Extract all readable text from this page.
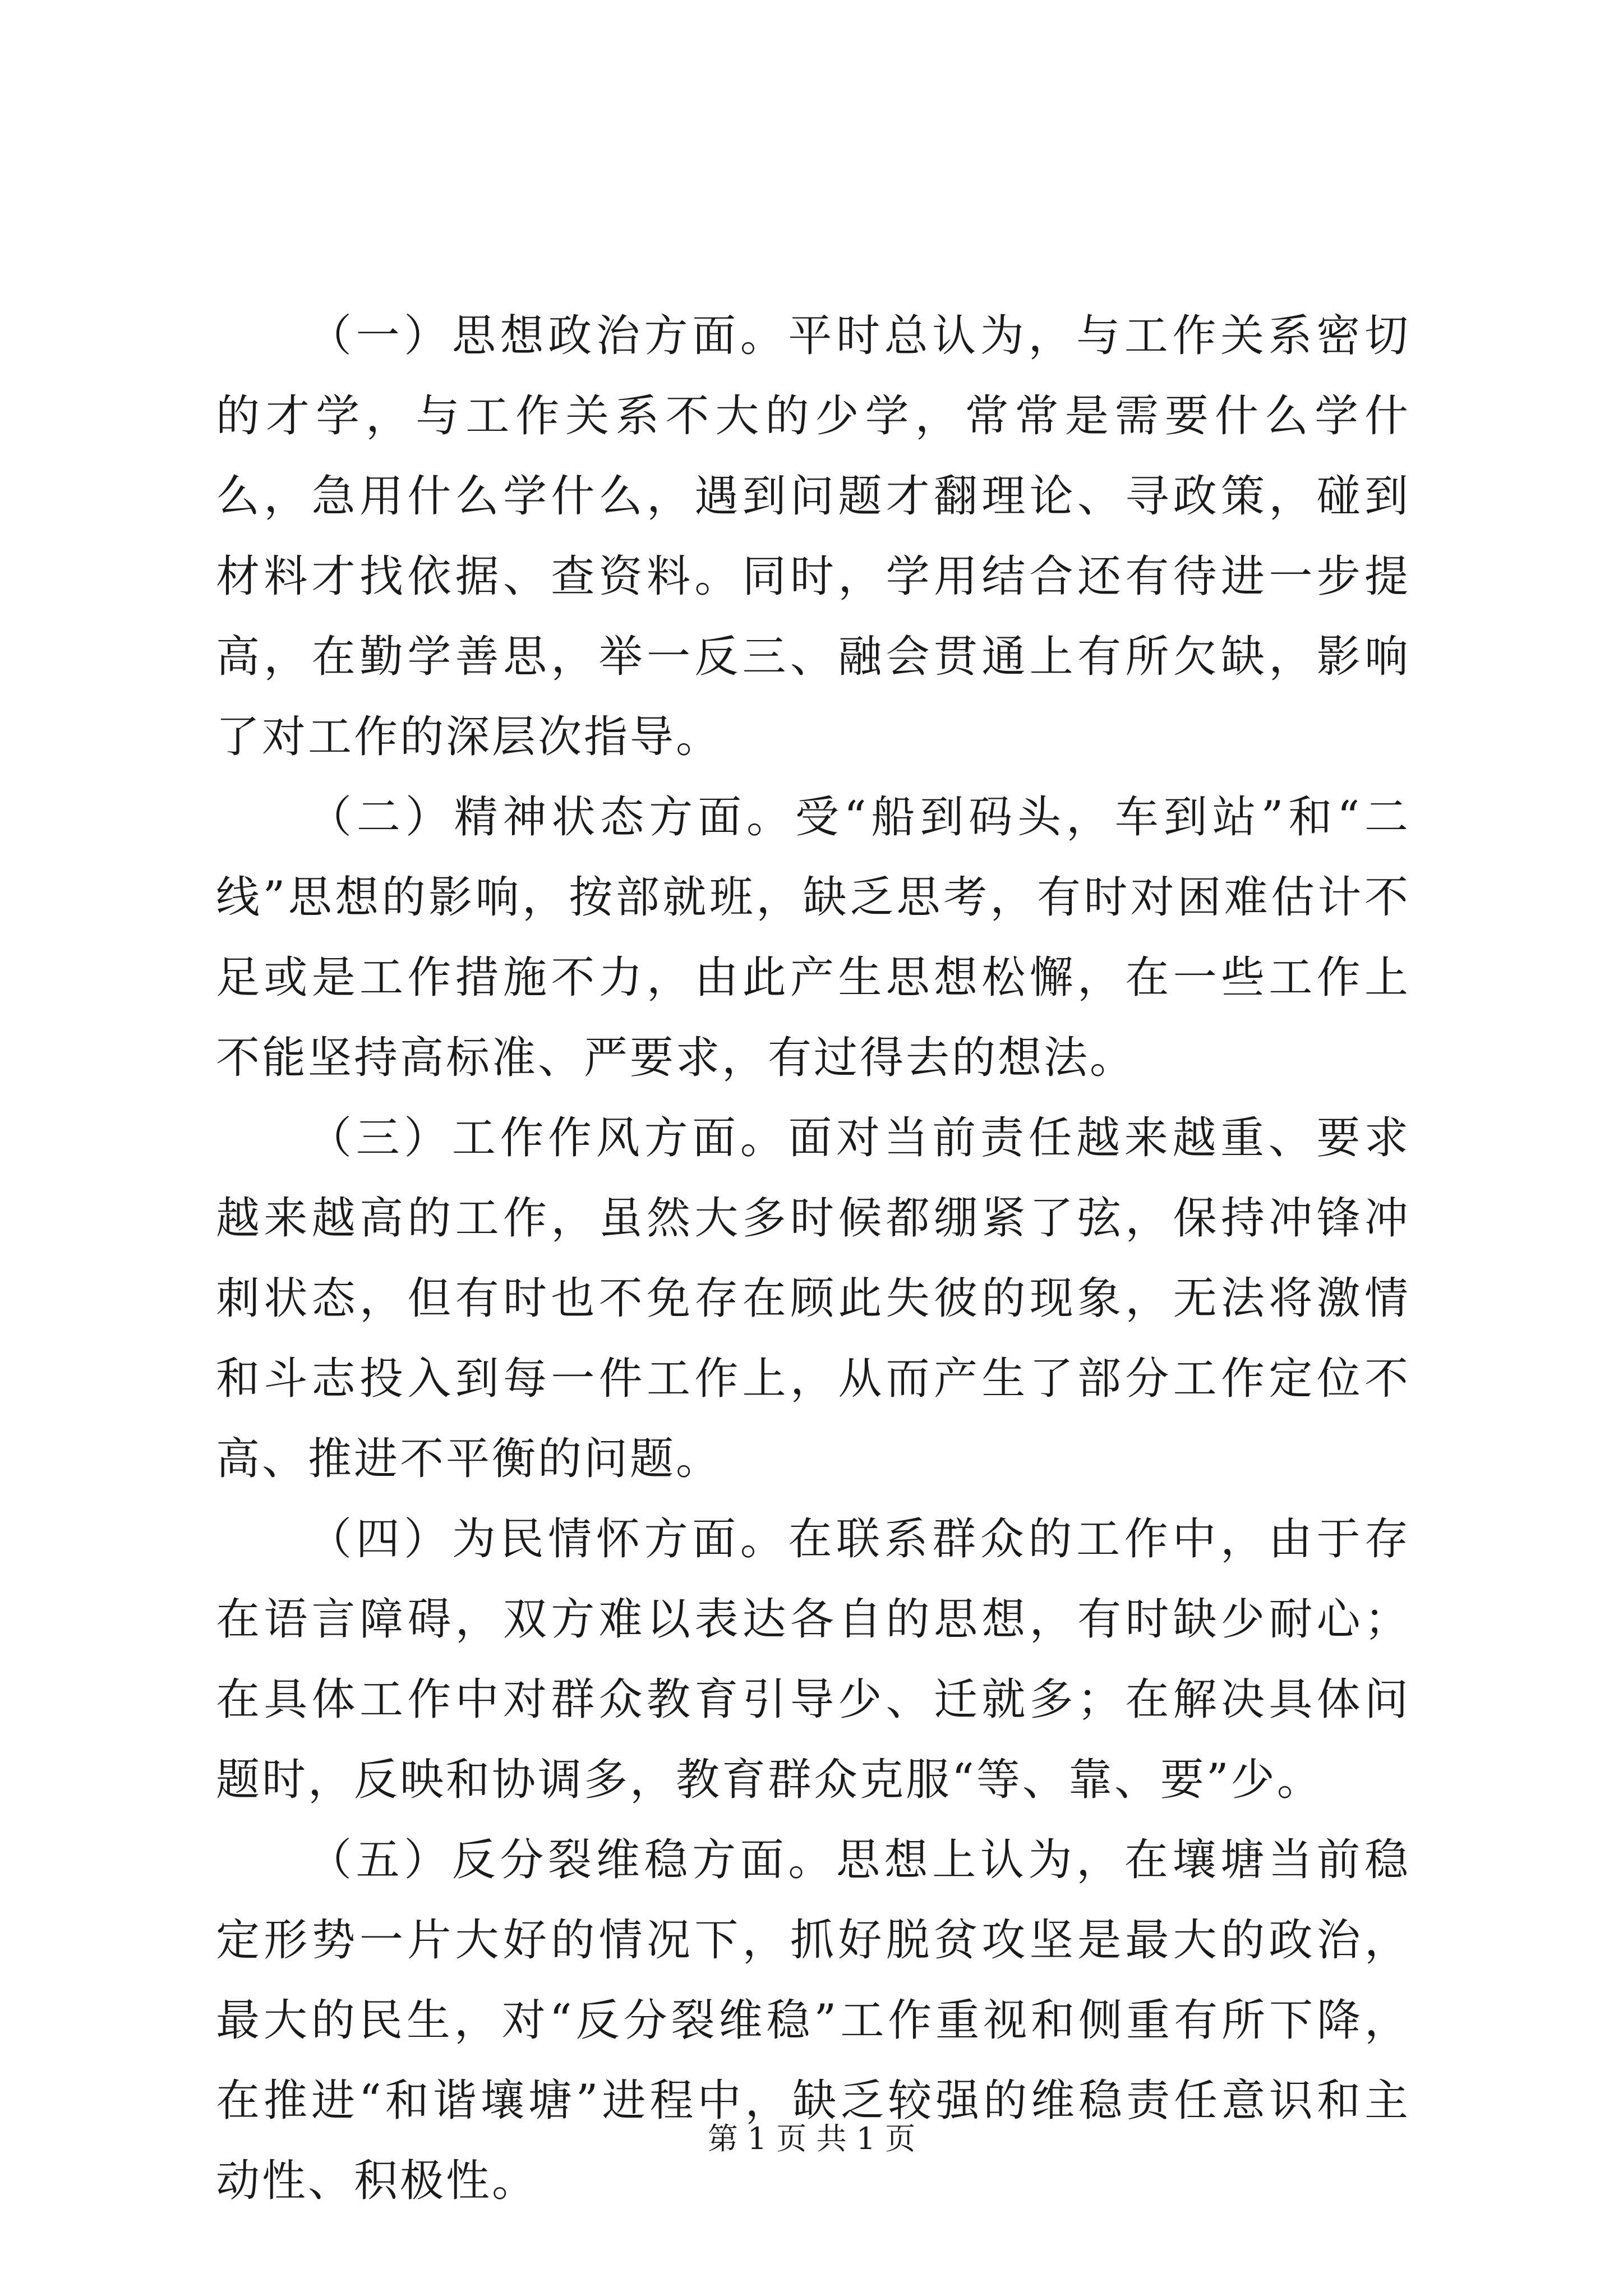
（一）思想政治方面。平时总认为，与工作关系密切的才学，与工作关系不大的少学，常常是需要什么学什么，急用什么学什么，遇到问题才翻理论、寻政策，碰到材料才找依据、查资料。同时，学用结合还有待进一步提高，在勤学善思，举一反三、融会贯通上有所欠缺，影响了对工作的深层次指导。

（二）精神状态方面。受“船到码头，车到站”和“二线”思想的影响，按部就班，缺乏思考，有时对困难估计不足或是工作措施不力，由此产生思想松懈，在一些工作上不能坚持高标准、严要求，有过得去的想法。

（三）工作作风方面。面对当前责任越来越重、要求越来越高的工作，虽然大多时候都绷紧了弦，保持冲锋冲刺状态，但有时也不免存在顾此失彼的现象，无法将激情和斗志投入到每一件工作上，从而产生了部分工作定位不高、推进不平衡的问题。

（四）为民情怀方面。在联系群众的工作中，由于存在语言障碍，双方难以表达各自的思想，有时缺少耐心；在具体工作中对群众教育引导少、迁就多；在解决具体问题时，反映和协调多，教育群众克服“等、靠、要”少。

（五）反分裂维稳方面。思想上认为，在壤塘当前稳定形势一片大好的情况下，抓好脱贫攻坚是最大的政治，最大的民生，对“反分裂维稳”工作重视和侧重有所下降，在推进“和谐壤塘”进程中，缺乏较强的维稳责任意识和主动性、积极性。

第 1 页 共 1 页
